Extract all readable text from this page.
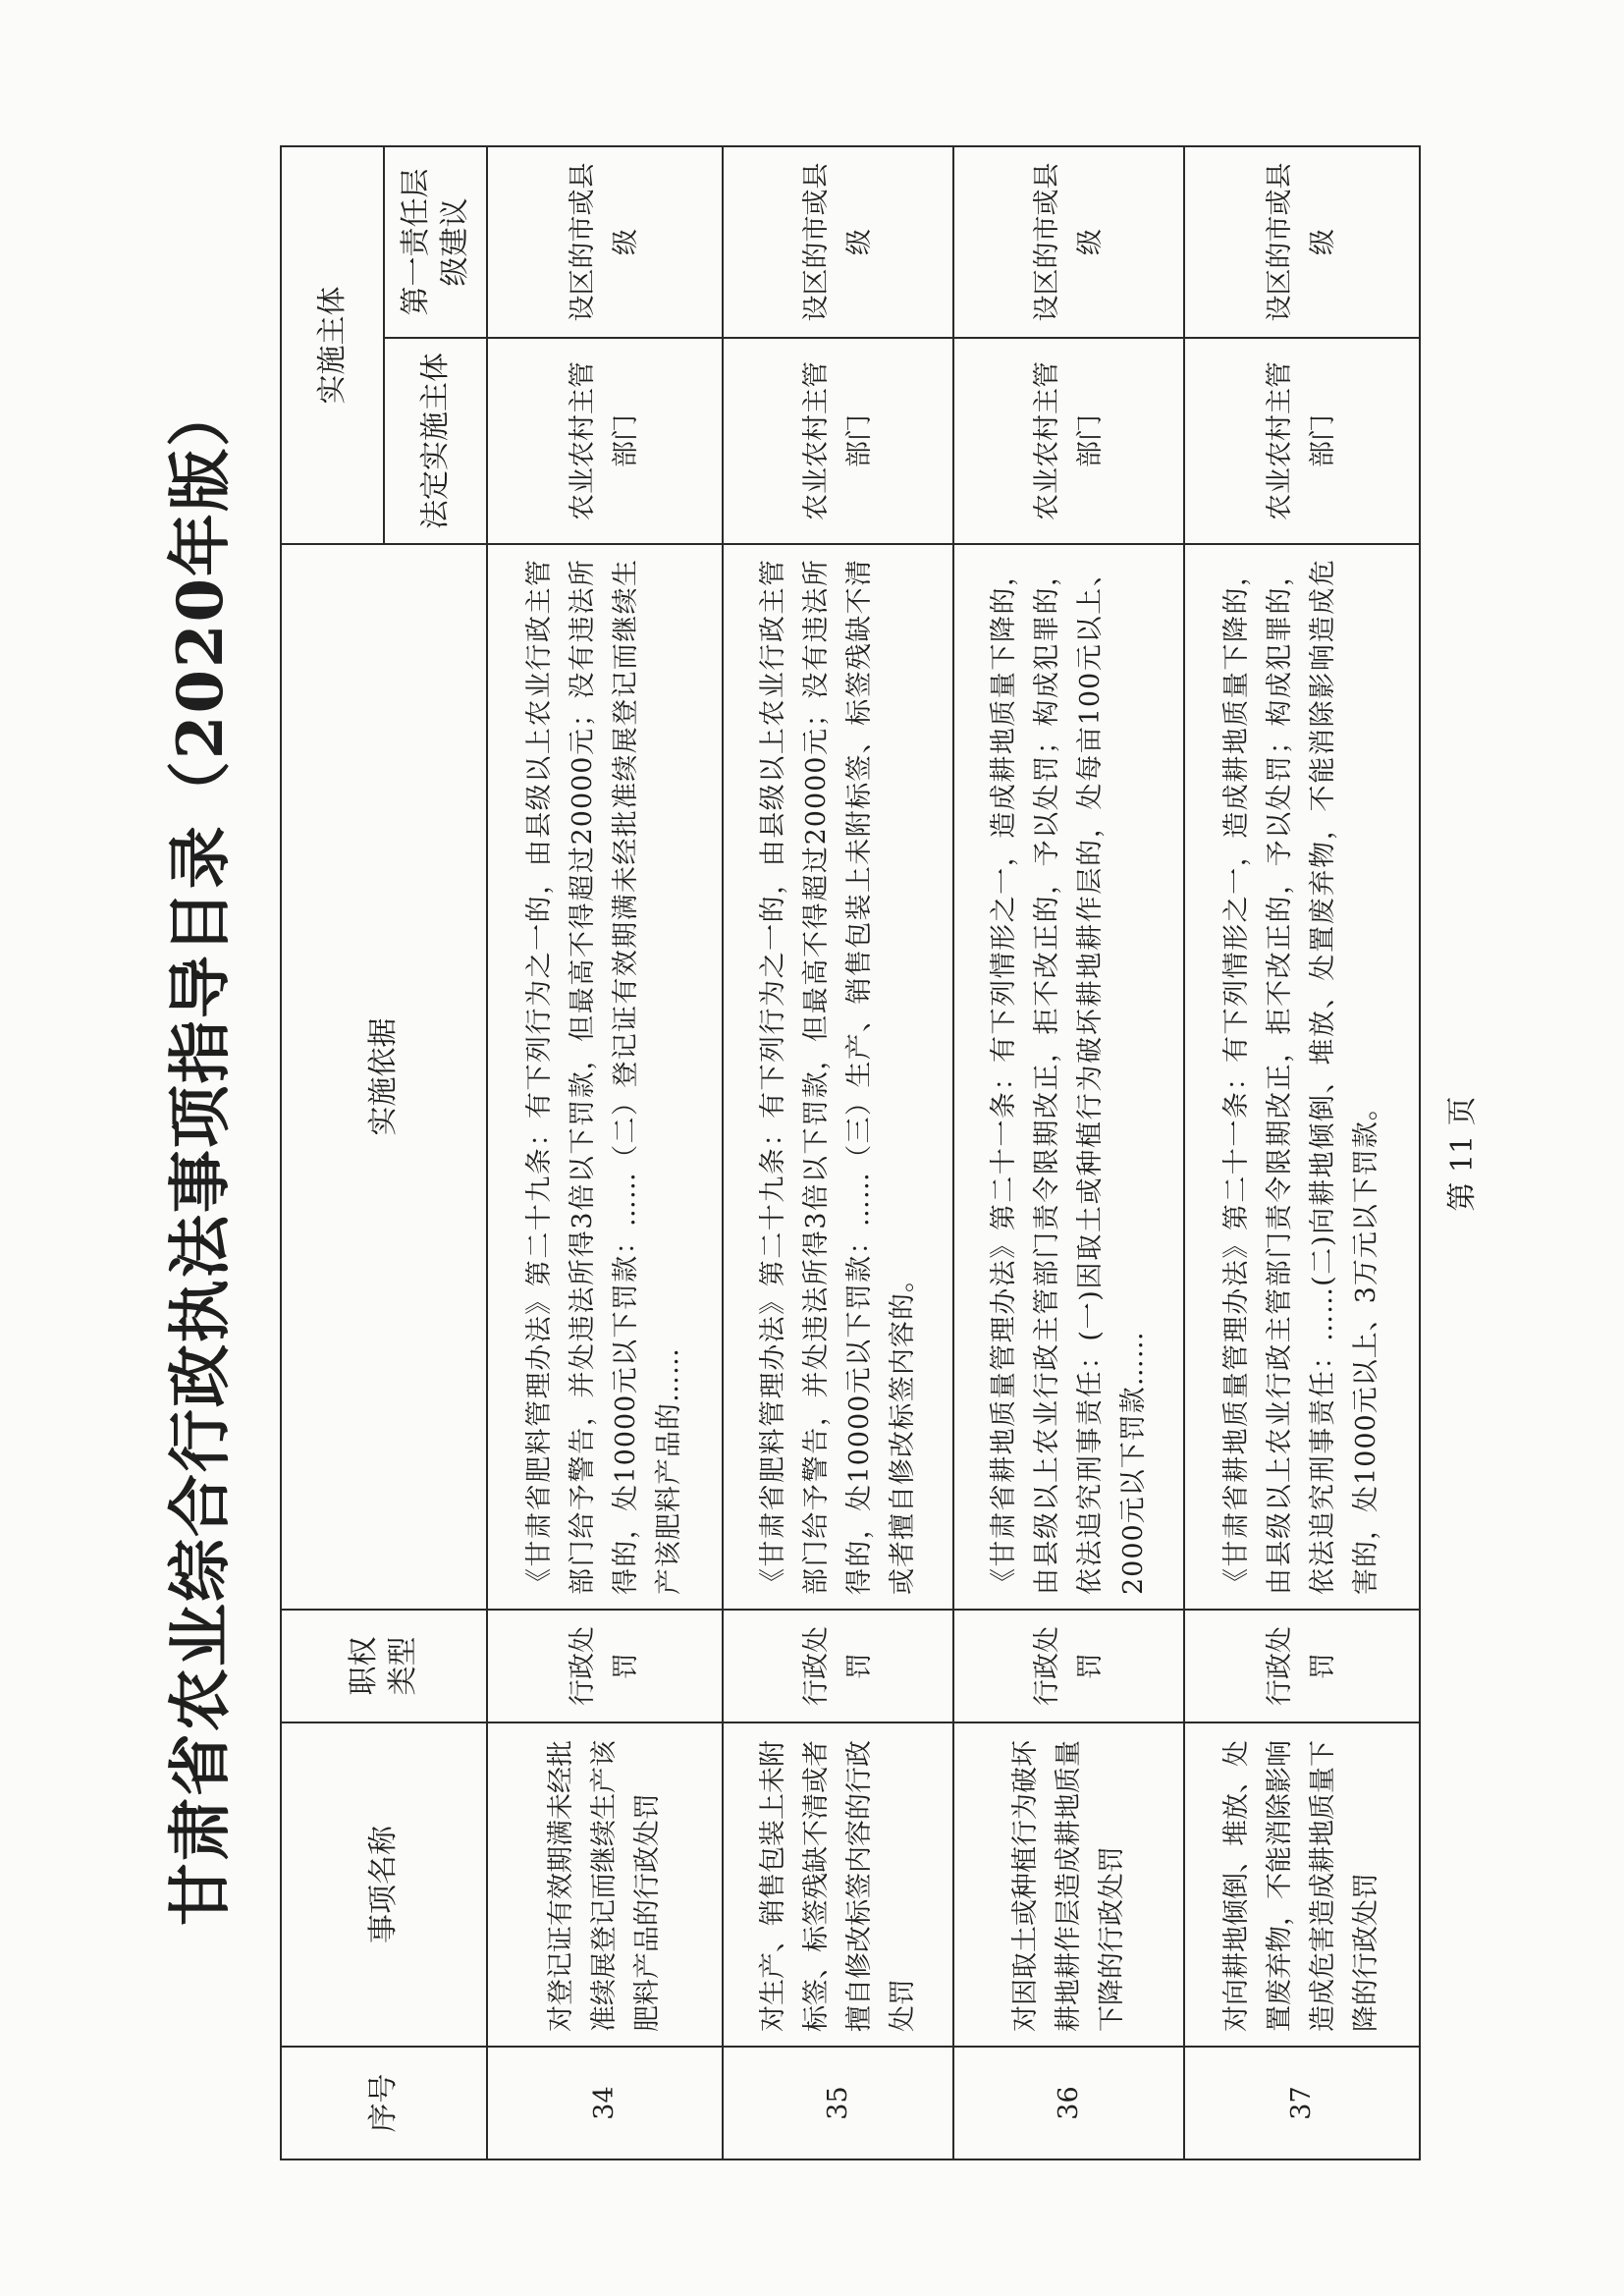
甘肃省农业综合行政执法事项指导目录（2020年版）
序号	事项名称	职权类型	实施依据	实施主体	
				法定实施主体	第一责任层级建议
34	对登记证有效期满未经批准续展登记而继续生产该肥料产品的行政处罚	行政处罚	《甘肃省肥料管理办法》第二十九条：有下列行为之一的，由县级以上农业行政主管部门给予警告，并处违法所得3倍以下罚款，但最高不得超过20000元；没有违法所得的，处10000元以下罚款：……（二）登记证有效期满未经批准续展登记而继续生产该肥料产品的……	农业农村主管部门	设区的市或县级
35	对生产、销售包装上未附标签、标签残缺不清或者擅自修改标签内容的行政处罚	行政处罚	《甘肃省肥料管理办法》第二十九条：有下列行为之一的，由县级以上农业行政主管部门给予警告，并处违法所得3倍以下罚款，但最高不得超过20000元；没有违法所得的，处10000元以下罚款：……（三）生产、销售包装上未附标签、标签残缺不清或者擅自修改标签内容的。	农业农村主管部门	设区的市或县级
36	对因取土或种植行为破坏耕地耕作层造成耕地质量下降的行政处罚	行政处罚	《甘肃省耕地质量管理办法》第二十一条：有下列情形之一，造成耕地质量下降的，由县级以上农业行政主管部门责令限期改正，拒不改正的，予以处罚；构成犯罪的，依法追究刑事责任：(一)因取土或种植行为破坏耕地耕作层的，处每亩100元以上、2000元以下罚款……	农业农村主管部门	设区的市或县级
37	对向耕地倾倒、堆放、处置废弃物，不能消除影响造成危害造成耕地质量下降的行政处罚	行政处罚	《甘肃省耕地质量管理办法》第二十一条：有下列情形之一，造成耕地质量下降的，由县级以上农业行政主管部门责令限期改正，拒不改正的，予以处罚；构成犯罪的，依法追究刑事责任：……(二)向耕地倾倒、堆放、处置废弃物，不能消除影响造成危害的，处1000元以上、3万元以下罚款。	农业农村主管部门	设区的市或县级
第 11 页
